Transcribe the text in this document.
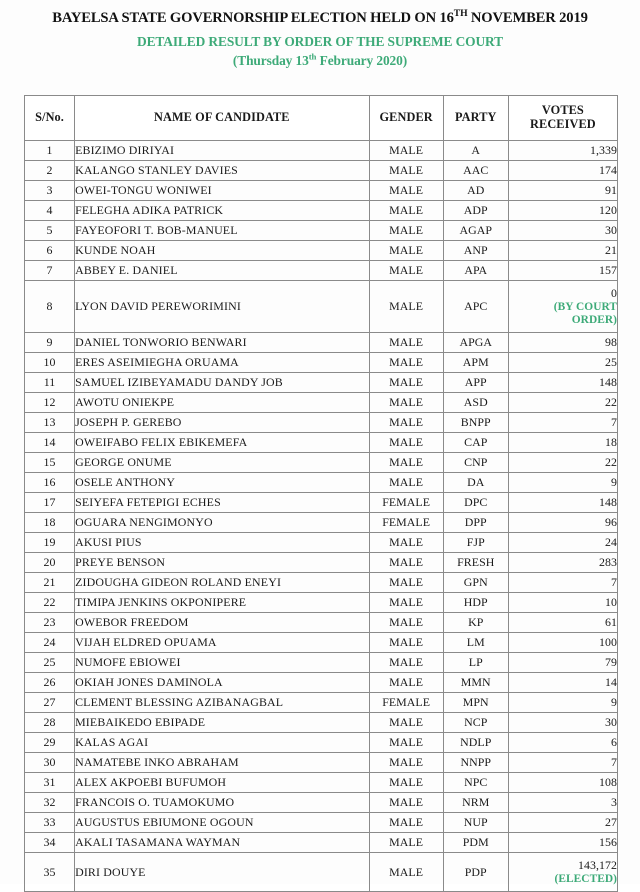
BAYELSA STATE GOVERNORSHIP ELECTION HELD ON 16TH NOVEMBER 2019
DETAILED RESULT BY ORDER OF THE SUPREME COURT
(Thursday 13th February 2020)
S/No.	NAME OF CANDIDATE	GENDER	PARTY	VOTES
RECEIVED
1	EBIZIMO DIRIYAI	MALE	A	1,339

2	KALANGO STANLEY DAVIES	MALE	AAC	174

3	OWEI-TONGU WONIWEI	MALE	AD	91

4	FELEGHA ADIKA PATRICK	MALE	ADP	120

5	FAYEOFORI T. BOB-MANUEL	MALE	AGAP	30

6	KUNDE NOAH	MALE	ANP	21

7	ABBEY E. DANIEL	MALE	APA	157

8	LYON DAVID PEREWORIMINI	MALE	APC	0
(BY COURT ORDER)

9	DANIEL TONWORIO BENWARI	MALE	APGA	98

10	ERES ASEIMIEGHA ORUAMA	MALE	APM	25

11	SAMUEL IZIBEYAMADU DANDY JOB	MALE	APP	148

12	AWOTU ONIEKPE	MALE	ASD	22

13	JOSEPH P. GEREBO	MALE	BNPP	7

14	OWEIFABO FELIX EBIKEMEFA	MALE	CAP	18

15	GEORGE ONUME	MALE	CNP	22

16	OSELE ANTHONY	MALE	DA	9

17	SEIYEFA FETEPIGI ECHES	FEMALE	DPC	148

18	OGUARA NENGIMONYO	FEMALE	DPP	96

19	AKUSI PIUS	MALE	FJP	24

20	PREYE BENSON	MALE	FRESH	283

21	ZIDOUGHA GIDEON ROLAND ENEYI	MALE	GPN	7

22	TIMIPA JENKINS OKPONIPERE	MALE	HDP	10

23	OWEBOR FREEDOM	MALE	KP	61

24	VIJAH ELDRED OPUAMA	MALE	LM	100

25	NUMOFE EBIOWEI	MALE	LP	79

26	OKIAH JONES DAMINOLA	MALE	MMN	14

27	CLEMENT BLESSING AZIBANAGBAL	FEMALE	MPN	9

28	MIEBAIKEDO EBIPADE	MALE	NCP	30

29	KALAS AGAI	MALE	NDLP	6

30	NAMATEBE INKO ABRAHAM	MALE	NNPP	7

31	ALEX AKPOEBI BUFUMOH	MALE	NPC	108

32	FRANCOIS O. TUAMOKUMO	MALE	NRM	3

33	AUGUSTUS EBIUMONE OGOUN	MALE	NUP	27

34	AKALI TASAMANA WAYMAN	MALE	PDM	156

35	DIRI DOUYE	MALE	PDP	143,172
(ELECTED)
